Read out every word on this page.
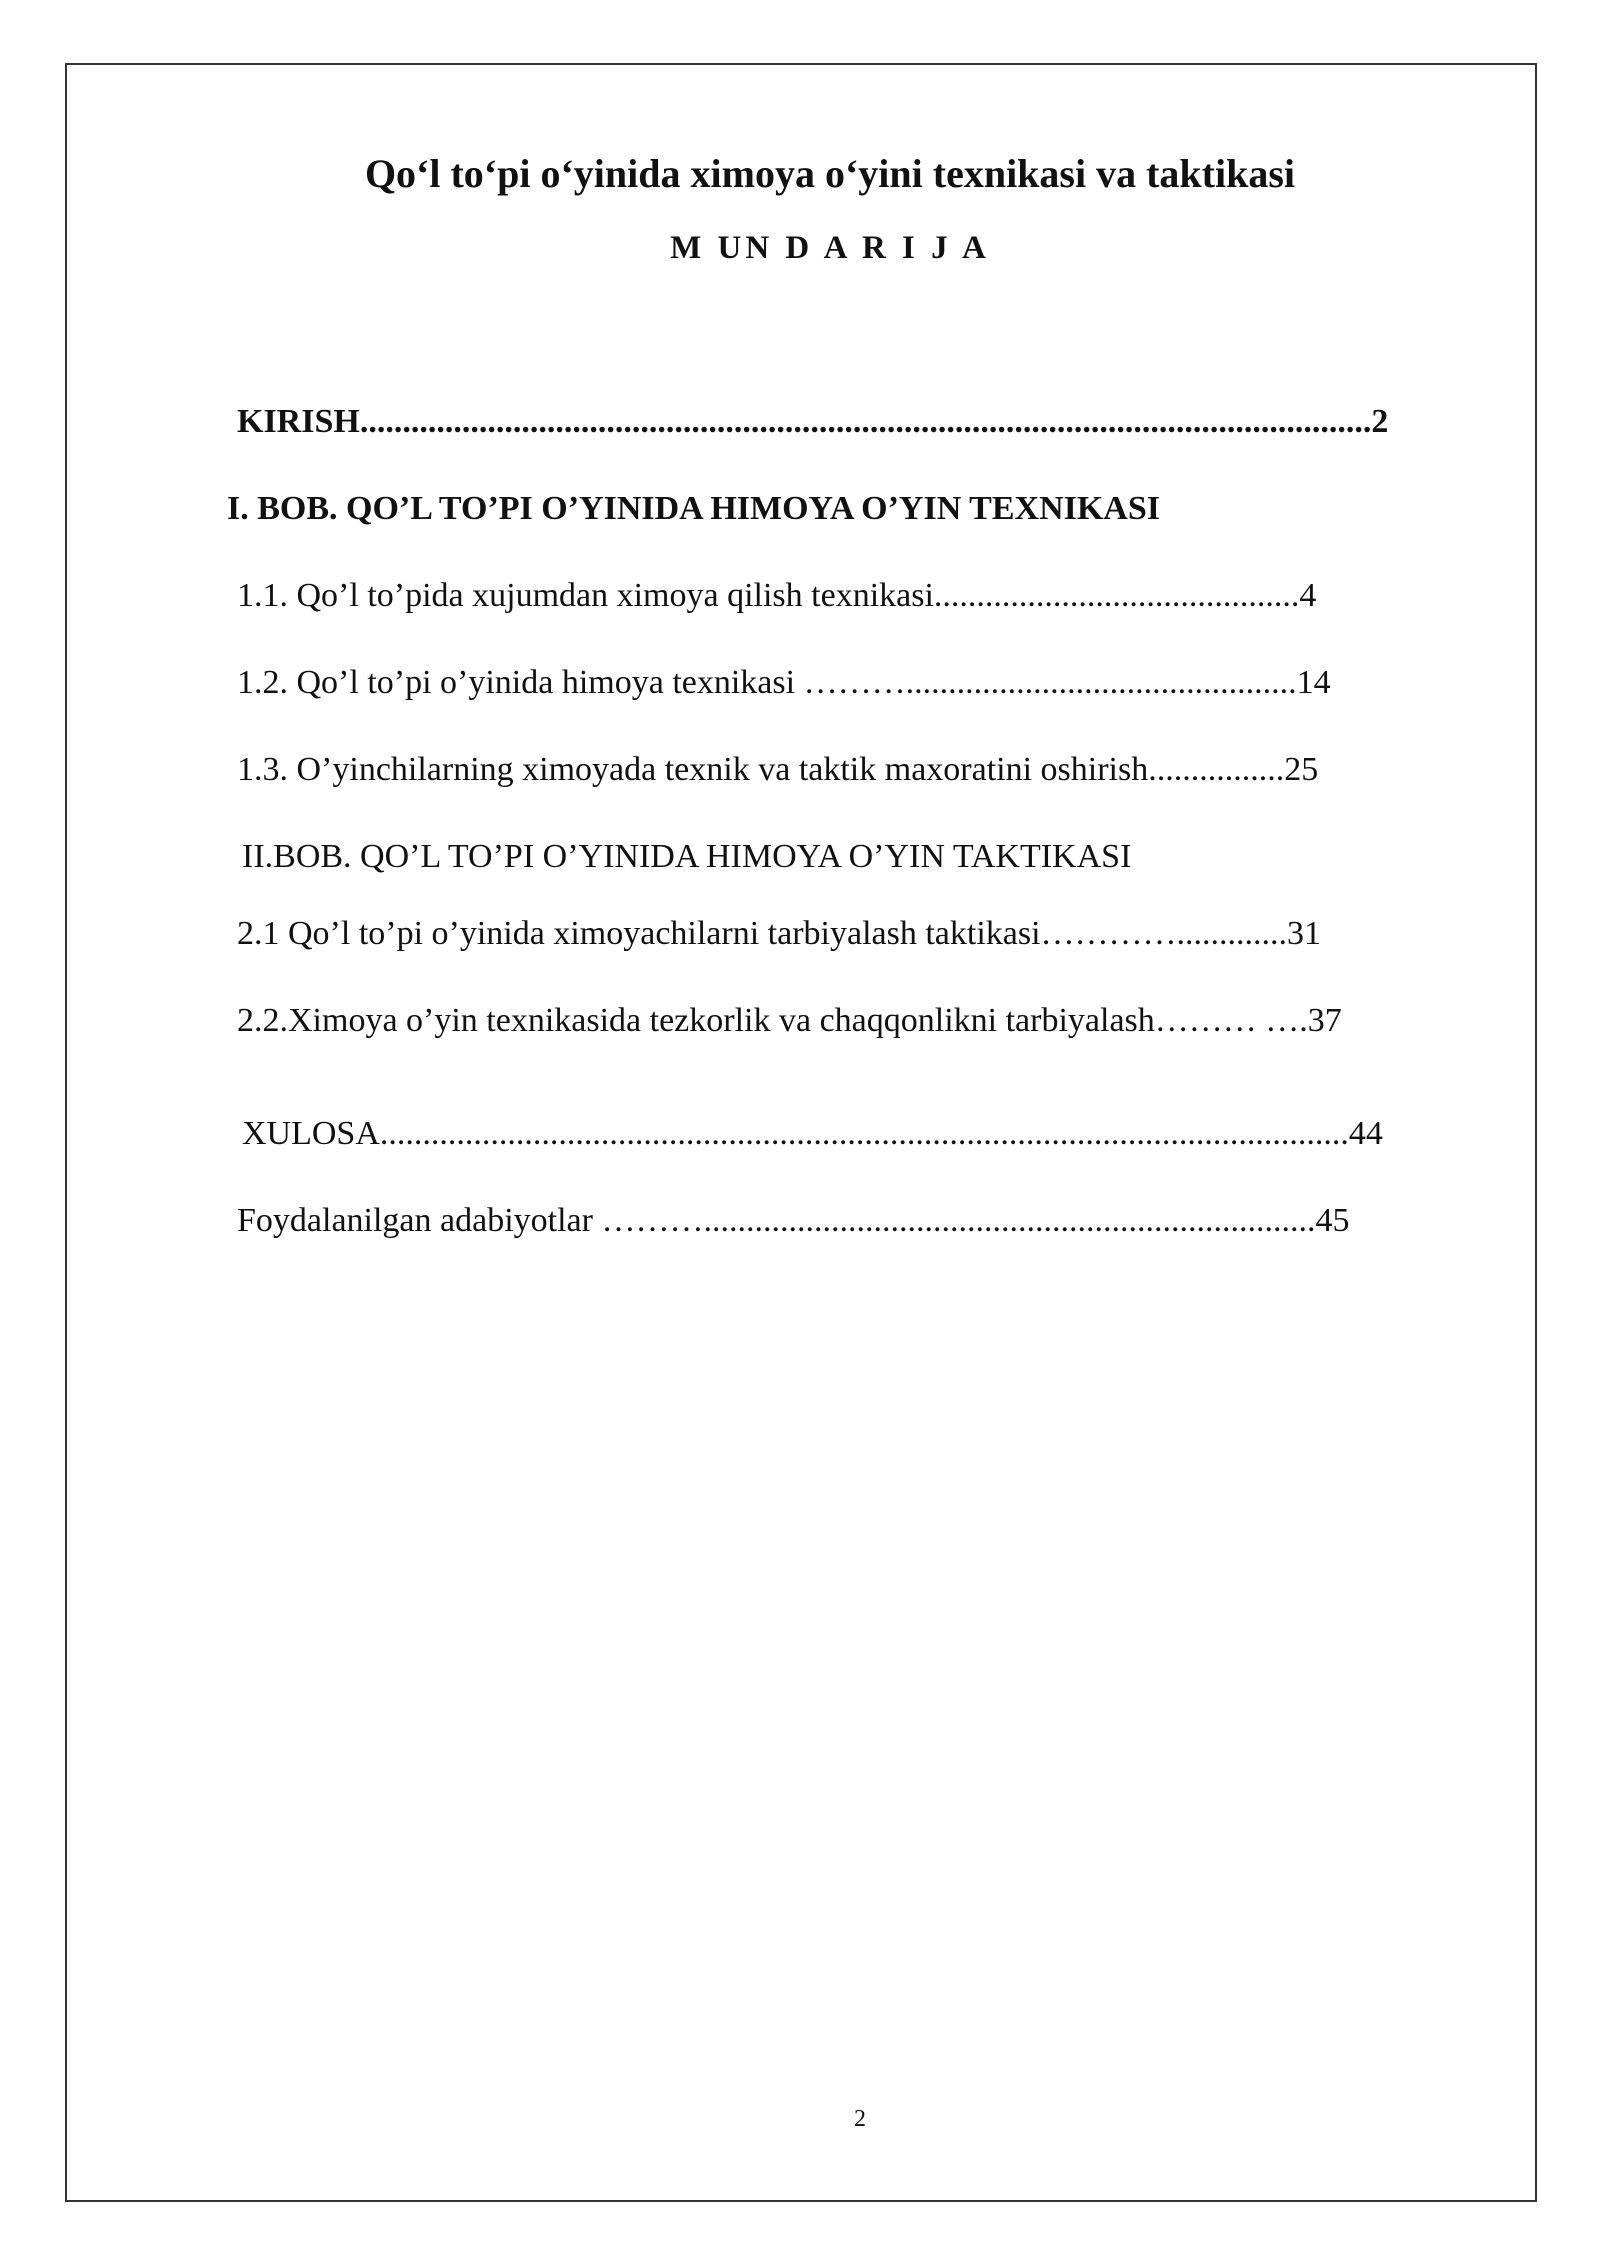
Qo‘l to‘pi o‘yinida ximoya o‘yini texnikasi va taktikasi
M UN D A R I J A
KIRISH.......................................................................................................................2
I. BOB. QO’L TO’PI O’YINIDA HIMOYA O’YIN TEXNIKASI
1.1. Qo’l to’pida xujumdan ximoya qilish texnikasi...........................................4
1.2. Qo’l to’pi o’yinida himoya texnikasi ………..............................................14
1.3. O’yinchilarning ximoyada texnik va taktik maxoratini oshirish................25
II.BOB. QO’L TO’PI O’YINIDA HIMOYA O’YIN TAKTIKASI
2.1 Qo’l to’pi o’yinida ximoyachilarni tarbiyalash taktikasi………….............31
2.2.Ximoya o’yin texnikasida tezkorlik va chaqqonlikni tarbiyalash……… ….37
XULOSA..................................................................................................................44
Foydalanilgan adabiyotlar ………........................................................................45
2
